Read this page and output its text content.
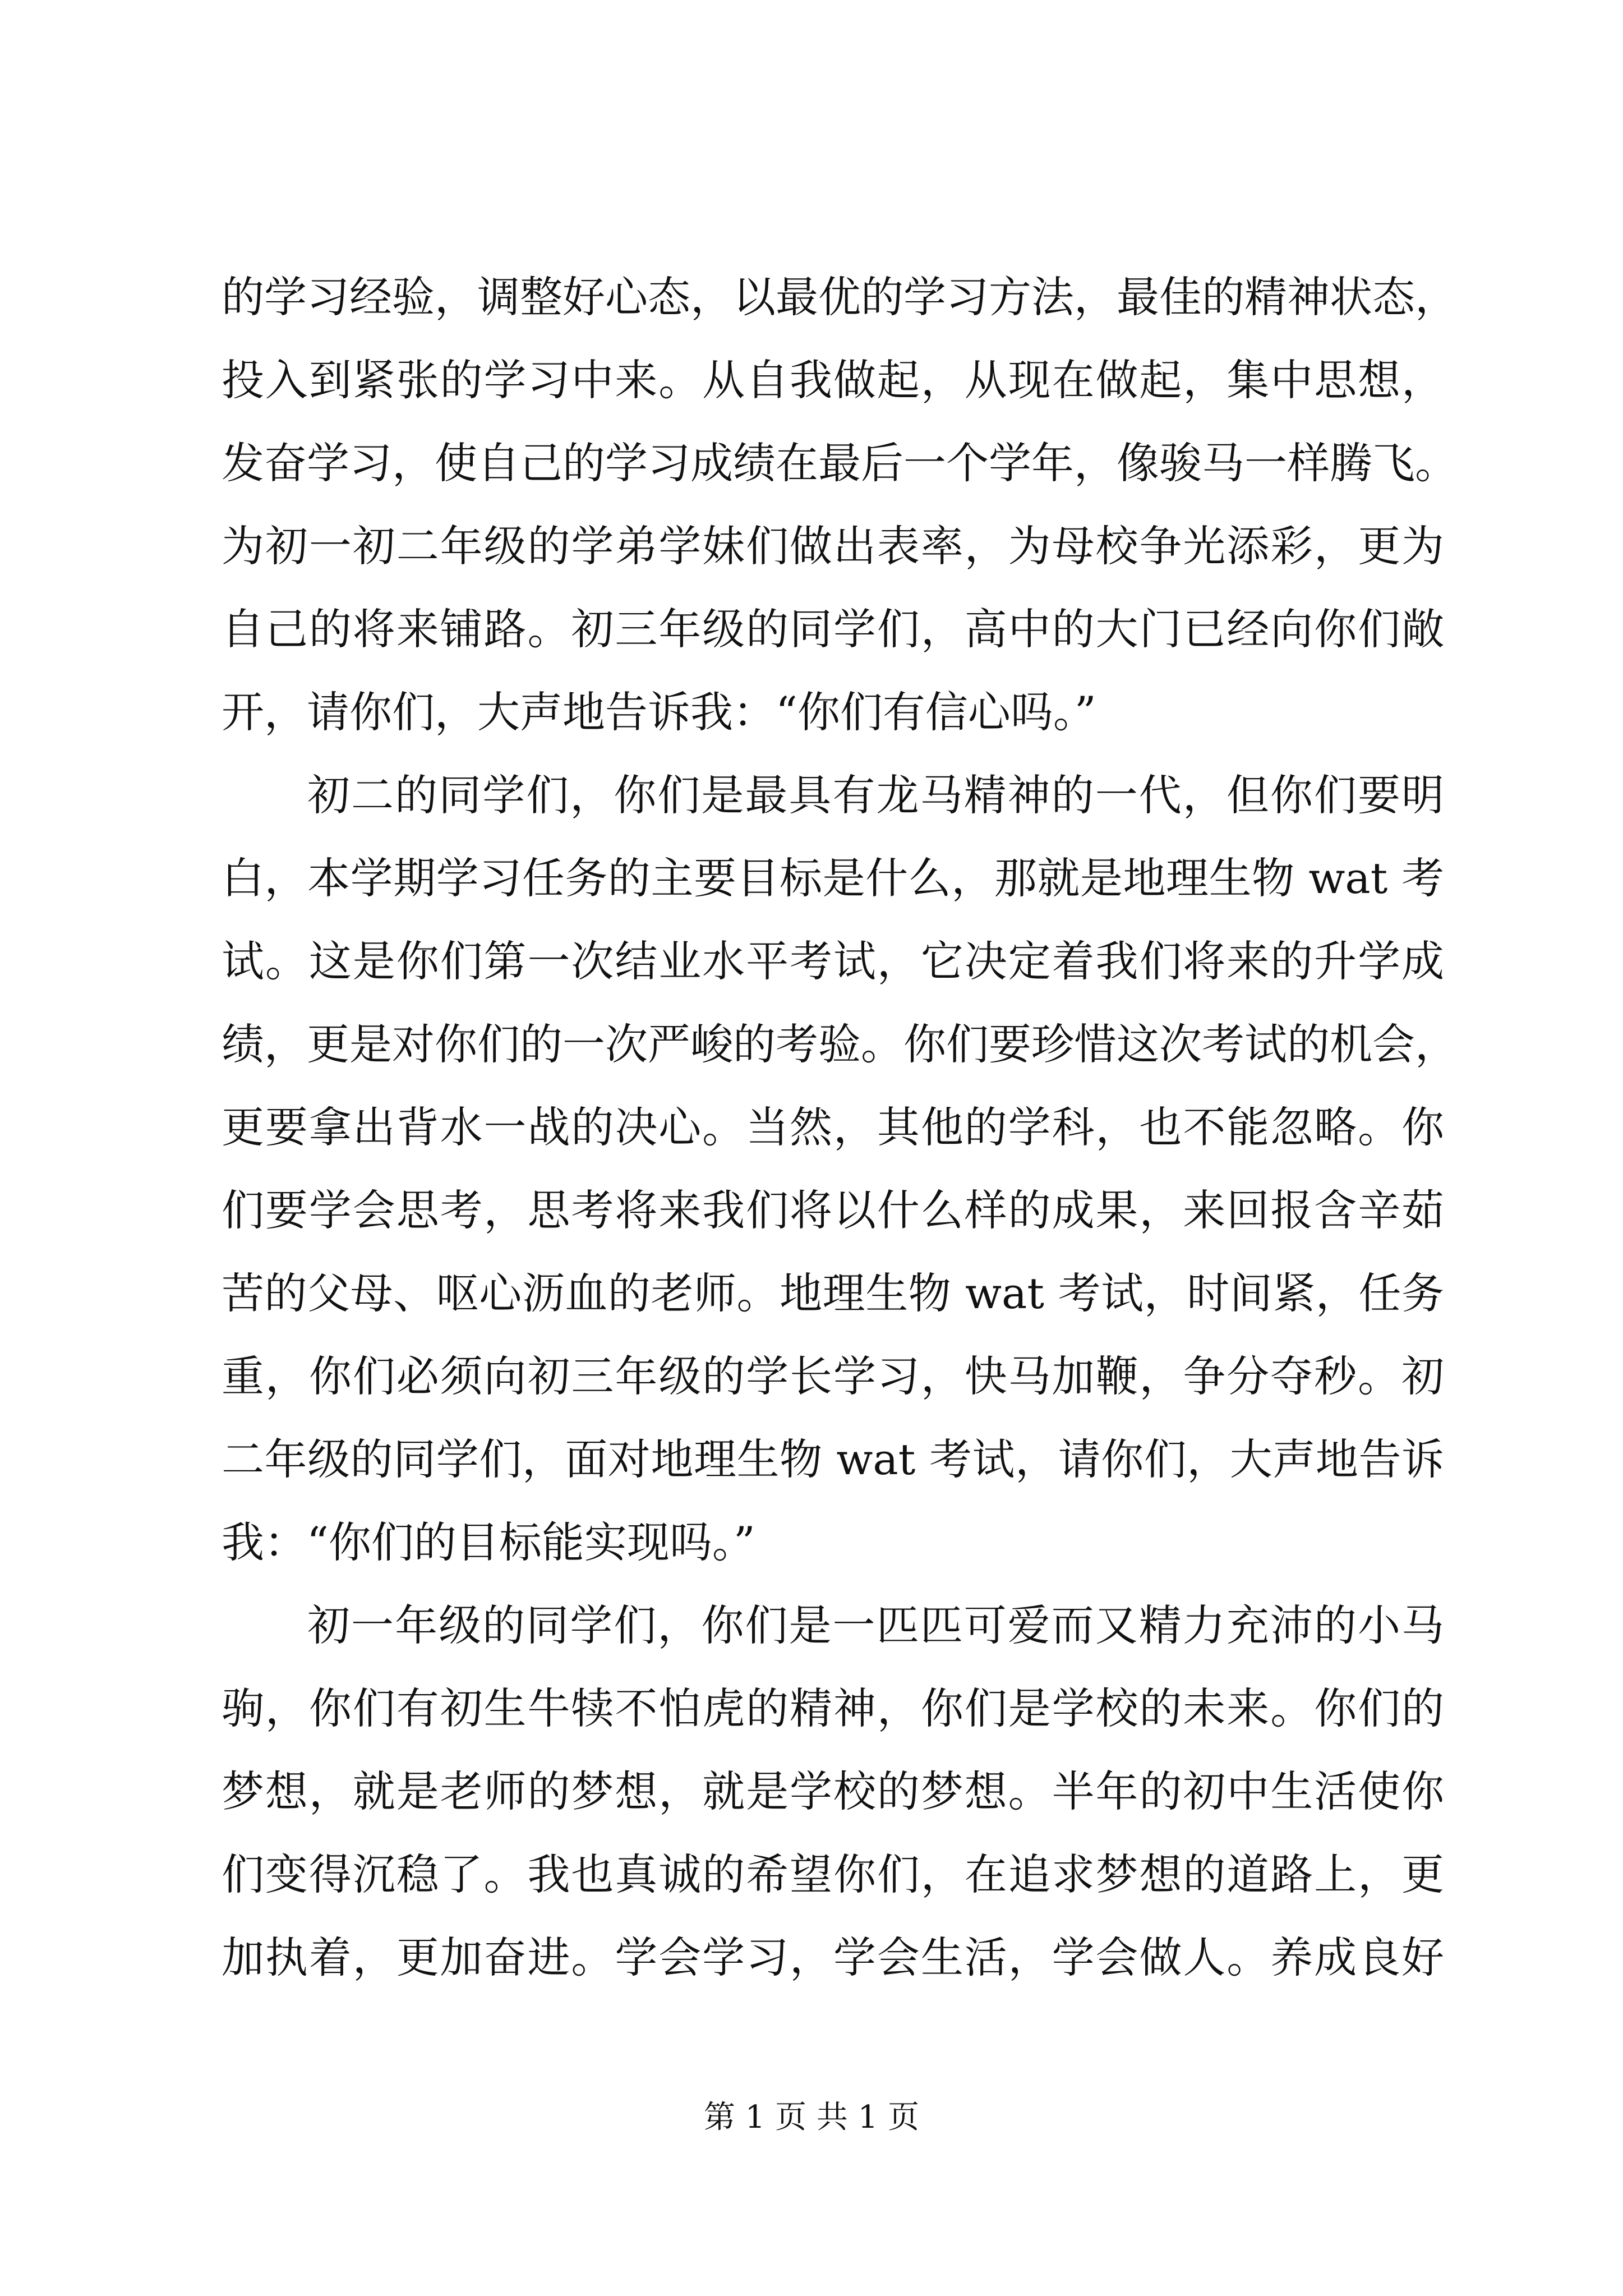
的学习经验，调整好心态，以最优的学习方法，最佳的精神状态，
投入到紧张的学习中来。从自我做起，从现在做起，集中思想，
发奋学习，使自己的学习成绩在最后一个学年，像骏马一样腾飞。
为初一初二年级的学弟学妹们做出表率，为母校争光添彩，更为
自己的将来铺路。初三年级的同学们，高中的大门已经向你们敞
开，请你们，大声地告诉我：“你们有信心吗。”
初二的同学们，你们是最具有龙马精神的一代，但你们要明
白，本学期学习任务的主要目标是什么，那就是地理生物 wat 考
试。这是你们第一次结业水平考试，它决定着我们将来的升学成
绩，更是对你们的一次严峻的考验。你们要珍惜这次考试的机会，
更要拿出背水一战的决心。当然，其他的学科，也不能忽略。你
们要学会思考，思考将来我们将以什么样的成果，来回报含辛茹
苦的父母、呕心沥血的老师。地理生物 wat 考试，时间紧，任务
重，你们必须向初三年级的学长学习，快马加鞭，争分夺秒。初
二年级的同学们，面对地理生物 wat 考试，请你们，大声地告诉
我：“你们的目标能实现吗。”
初一年级的同学们，你们是一匹匹可爱而又精力充沛的小马
驹，你们有初生牛犊不怕虎的精神，你们是学校的未来。你们的
梦想，就是老师的梦想，就是学校的梦想。半年的初中生活使你
们变得沉稳了。我也真诚的希望你们，在追求梦想的道路上，更
加执着，更加奋进。学会学习，学会生活，学会做人。养成良好
第 1 页 共 1 页
